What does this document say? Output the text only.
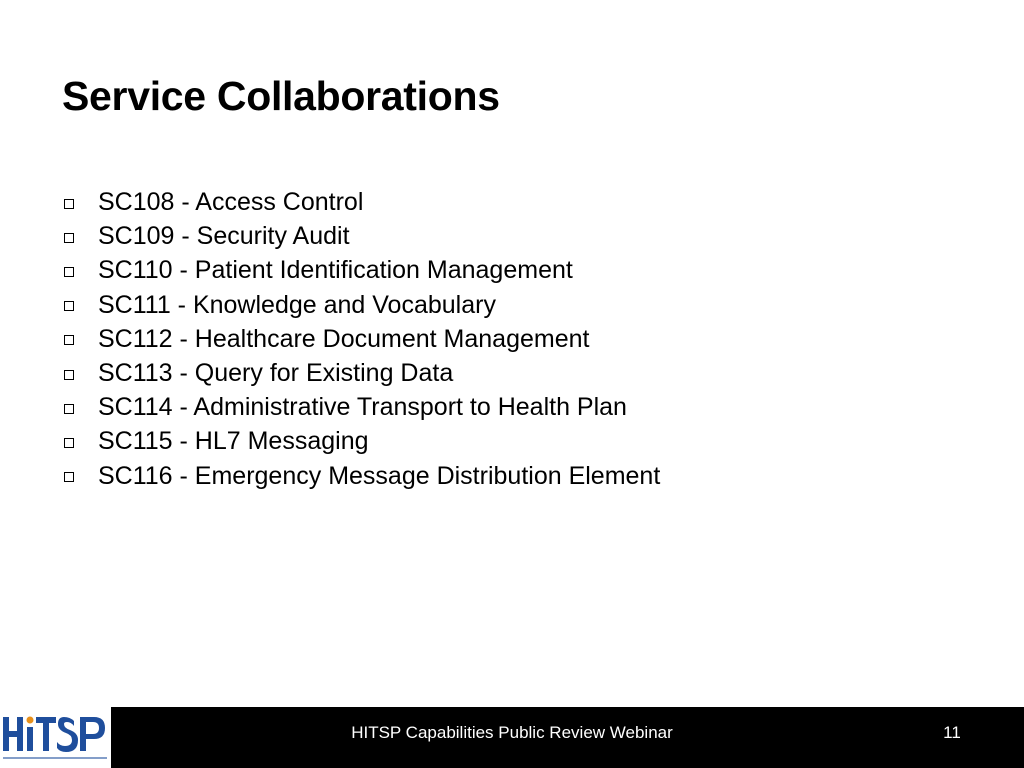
Service Collaborations
SC108 - Access Control
SC109 - Security Audit
SC110 - Patient Identification Management
SC111 - Knowledge and Vocabulary
SC112 - Healthcare Document Management
SC113 - Query for Existing Data
SC114 - Administrative Transport to Health Plan
SC115 - HL7 Messaging
SC116 - Emergency Message Distribution Element
HITSP Capabilities Public Review Webinar	11
